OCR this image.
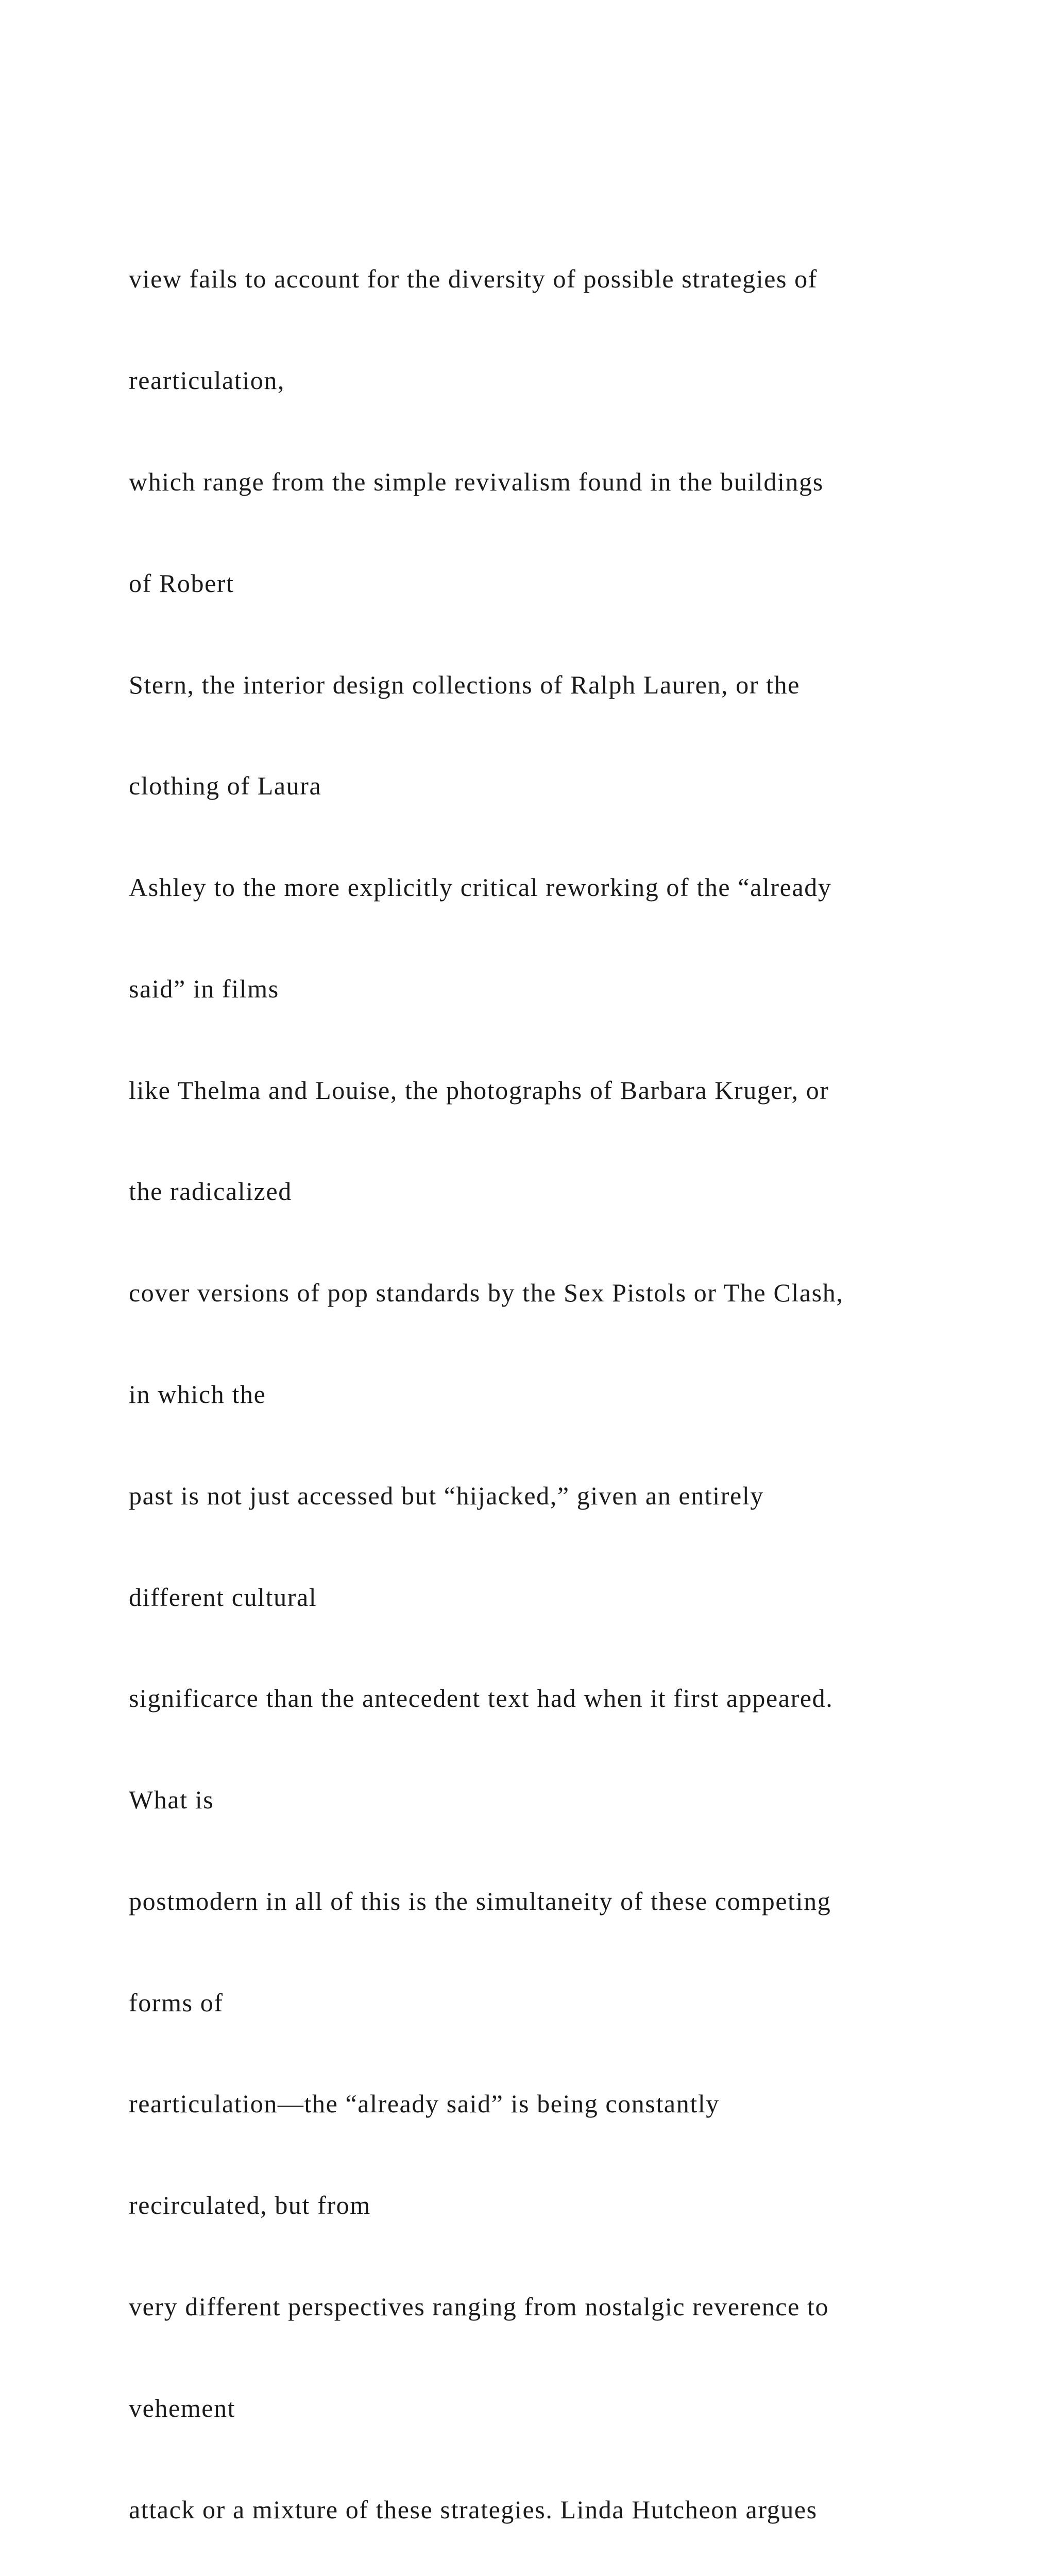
view fails to account for the diversity of possible strategies of

rearticulation,

which range from the simple revivalism found in the buildings

of Robert

Stern, the interior design collections of Ralph Lauren, or the

clothing of Laura

Ashley to the more explicitly critical reworking of the “already

said” in films

like Thelma and Louise, the photographs of Barbara Kruger, or

the radicalized

cover versions of pop standards by the Sex Pistols or The Clash,

in which the

past is not just accessed but “hijacked,” given an entirely

different cultural

significarce than the antecedent text had when it first appeared.

What is

postmodern in all of this is the simultaneity of these competing

forms of

rearticulation—the “already said” is being constantly

recirculated, but from

very different perspectives ranging from nostalgic reverence to

vehement

attack or a mixture of these strategies. Linda Hutcheon argues
